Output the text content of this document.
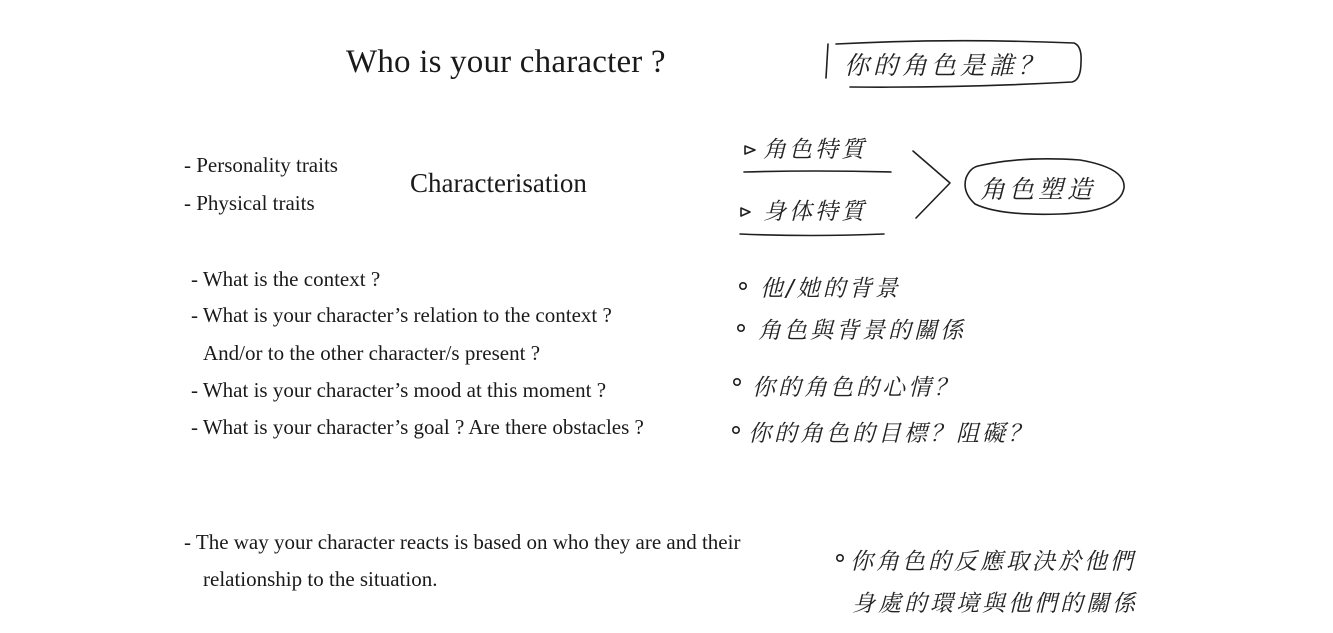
Who is your character ?
- Personality traits
- Physical traits
Characterisation
- What is the context ?
- What is your character’s relation to the context ?
And/or to the other character/s present ?
- What is your character’s mood at this moment ?
- What is your character’s goal ? Are there obstacles ?
- The way your character reacts is based on who they are and their
relationship to the situation.
你的角色是誰？
角色特質
身体特質
角色塑造
他/她的背景
角色與背景的關係
你的角色的心情？
你的角色的目標？阻礙？
你角色的反應取決於他們
身處的環境與他們的關係
